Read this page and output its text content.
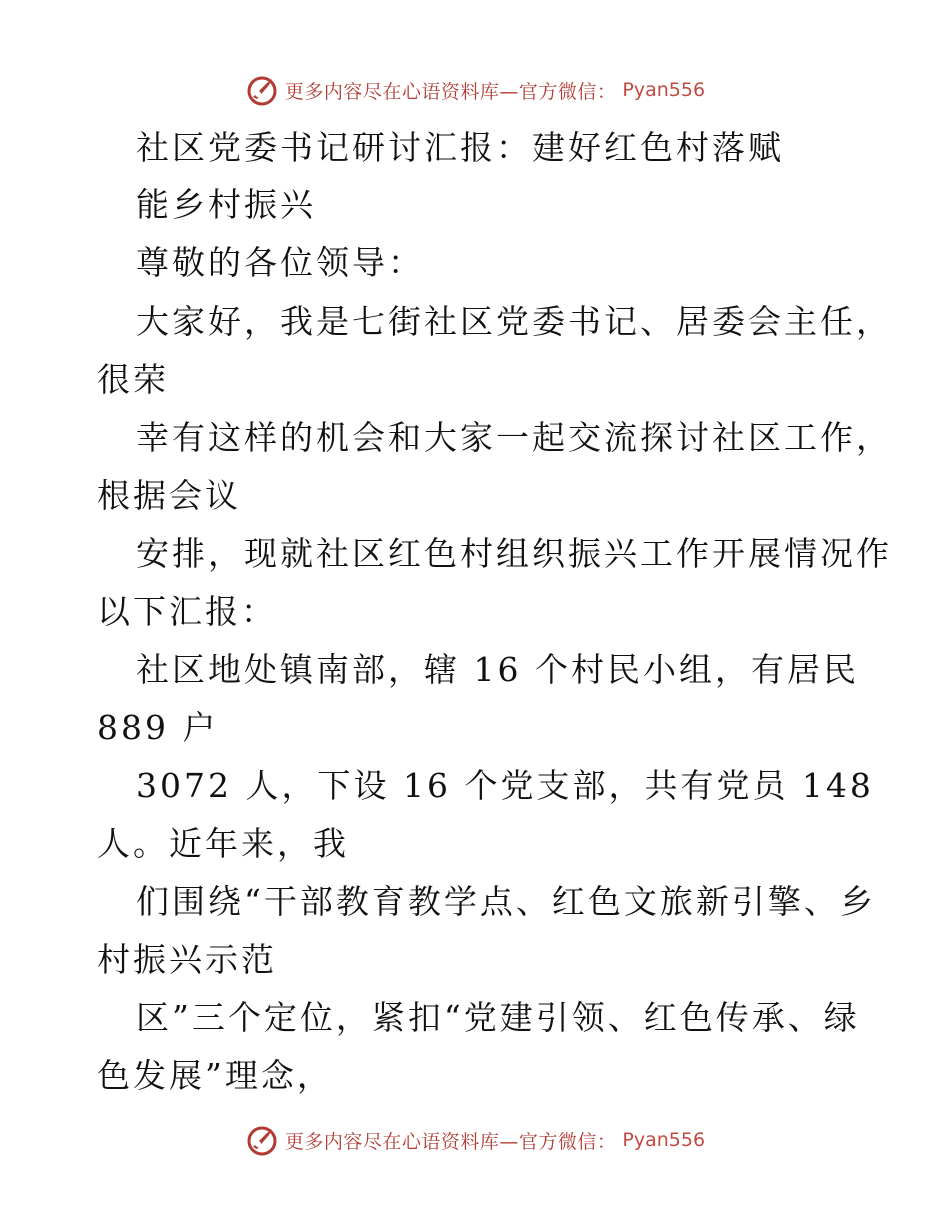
更多内容尽在心语资料库—官方微信： Pyan556
社区党委书记研讨汇报：建好红色村落赋
能乡村振兴
尊敬的各位领导：
大家好，我是七街社区党委书记、居委会主任，
很荣
幸有这样的机会和大家一起交流探讨社区工作，
根据会议
安排，现就社区红色村组织振兴工作开展情况作
以下汇报：
社区地处镇南部，辖 16 个村民小组，有居民
889 户
3072 人，下设 16 个党支部，共有党员 148
人。近年来，我
们围绕“干部教育教学点、红色文旅新引擎、乡
村振兴示范
区”三个定位，紧扣“党建引领、红色传承、绿
色发展”理念，
更多内容尽在心语资料库—官方微信： Pyan556
